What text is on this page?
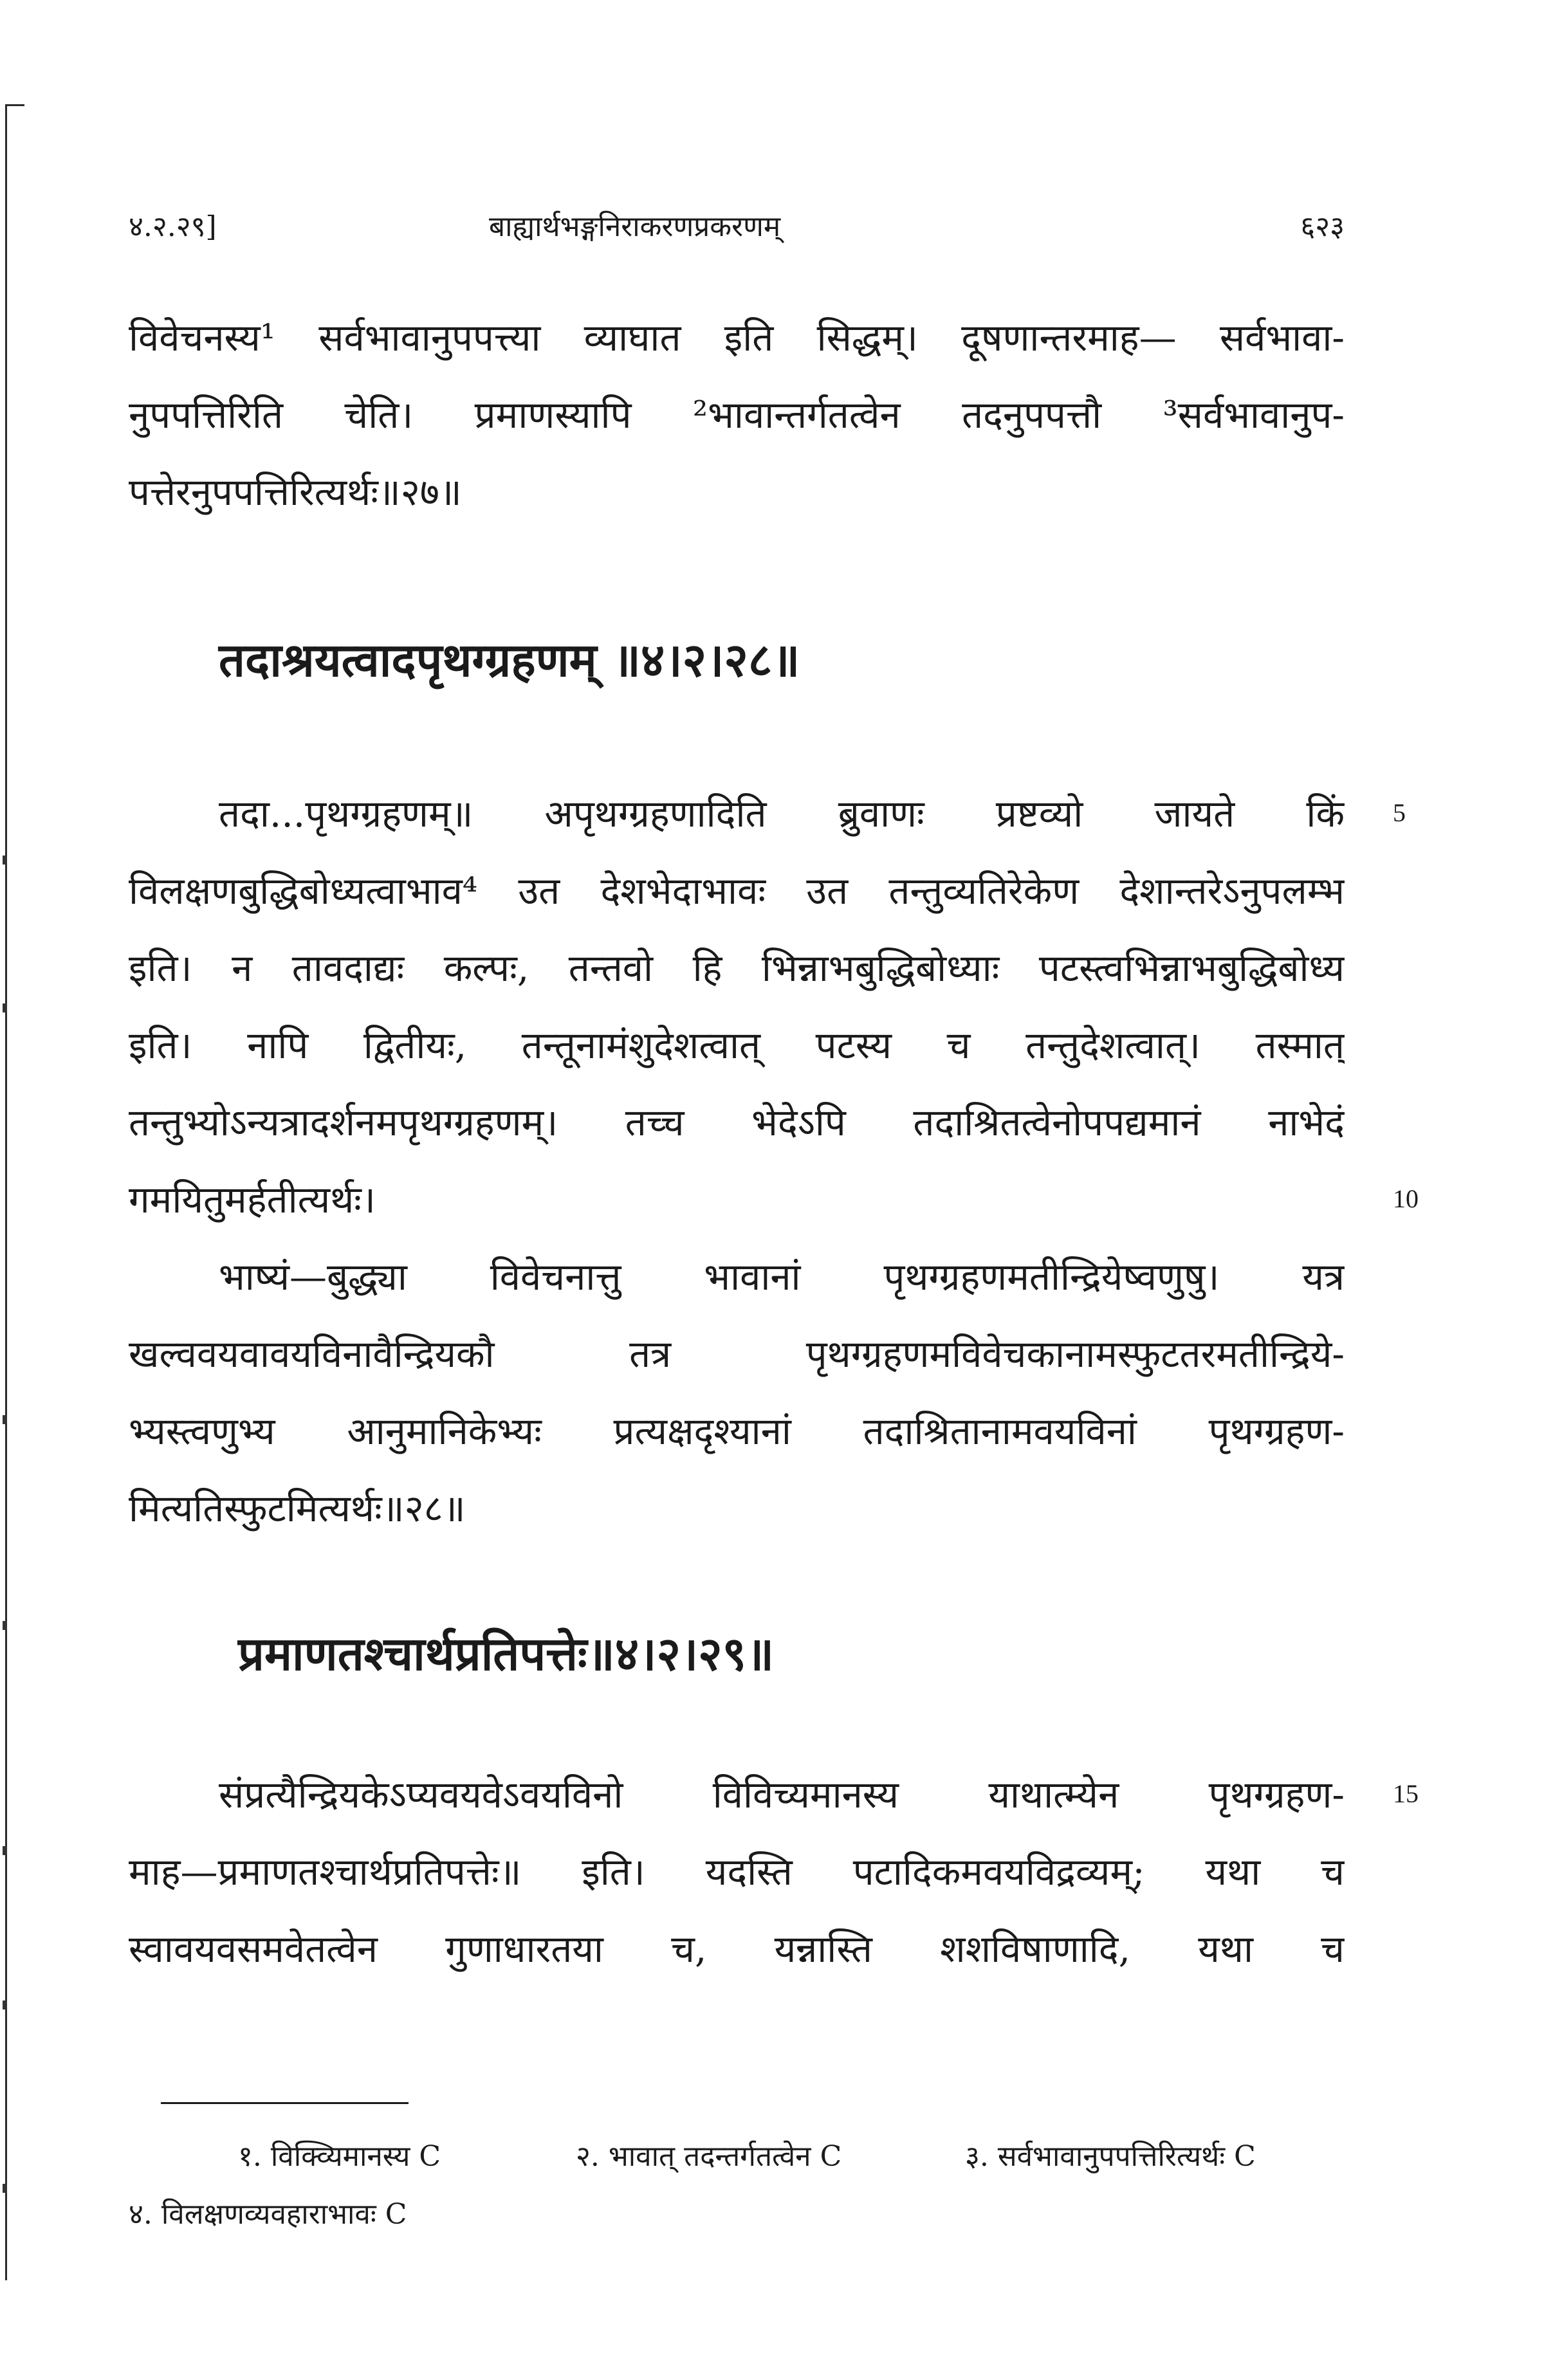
४.२.२९]	बाह्यार्थभङ्गनिराकरणप्रकरणम्	६२३
विवेचनस्य¹ सर्वभावानुपपत्त्या व्याघात इति सिद्धम्। दूषणान्तरमाह— सर्वभावा-
नुपपत्तिरिति चेति। प्रमाणस्यापि ²भावान्तर्गतत्वेन तदनुपपत्तौ ³सर्वभावानुप-
पत्तेरनुपपत्तिरित्यर्थः॥२७॥
तदाश्रयत्वादपृथग्ग्रहणम् ॥४।२।२८॥
तदा...पृथग्ग्रहणम्॥ अपृथग्ग्रहणादिति ब्रुवाणः प्रष्टव्यो जायते किं 5
विलक्षणबुद्धिबोध्यत्वाभाव⁴ उत देशभेदाभावः उत तन्तुव्यतिरेकेण देशान्तरेऽनुपलम्भ
इति। न तावदाद्यः कल्पः, तन्तवो हि भिन्नाभबुद्धिबोध्याः पटस्त्वभिन्नाभबुद्धिबोध्य
इति। नापि द्वितीयः, तन्तूनामंशुदेशत्वात् पटस्य च तन्तुदेशत्वात्। तस्मात्
तन्तुभ्योऽन्यत्रादर्शनमपृथग्ग्रहणम्। तच्च भेदेऽपि तदाश्रितत्वेनोपपद्यमानं नाभेदं
गमयितुमर्हतीत्यर्थः।	10
भाष्यं—बुद्ध्या विवेचनात्तु भावानां पृथग्ग्रहणमतीन्द्रियेष्वणुषु। यत्र
खल्ववयवावयविनावैन्द्रियकौ तत्र पृथग्ग्रहणमविवेचकानामस्फुटतरमतीन्द्रिये-
भ्यस्त्वणुभ्य आनुमानिकेभ्यः प्रत्यक्षदृश्यानां तदाश्रितानामवयविनां पृथग्ग्रहण-
मित्यतिस्फुटमित्यर्थः॥२८॥
प्रमाणतश्चार्थप्रतिपत्तेः॥४।२।२९॥
संप्रत्यैन्द्रियकेऽप्यवयवेऽवयविनो विविच्यमानस्य याथात्म्येन पृथग्ग्रहण- 15
माह—प्रमाणतश्चार्थप्रतिपत्तेः॥ इति। यदस्ति पटादिकमवयविद्रव्यम्; यथा च
स्वावयवसमवेतत्वेन गुणाधारतया च, यन्नास्ति शशविषाणादि, यथा च
१. विक्व्यिमानस्य C	२. भावात् तदन्तर्गतत्वेन C	३. सर्वभावानुपपत्तिरित्यर्थः C
४. विलक्षणव्यवहाराभावः C
